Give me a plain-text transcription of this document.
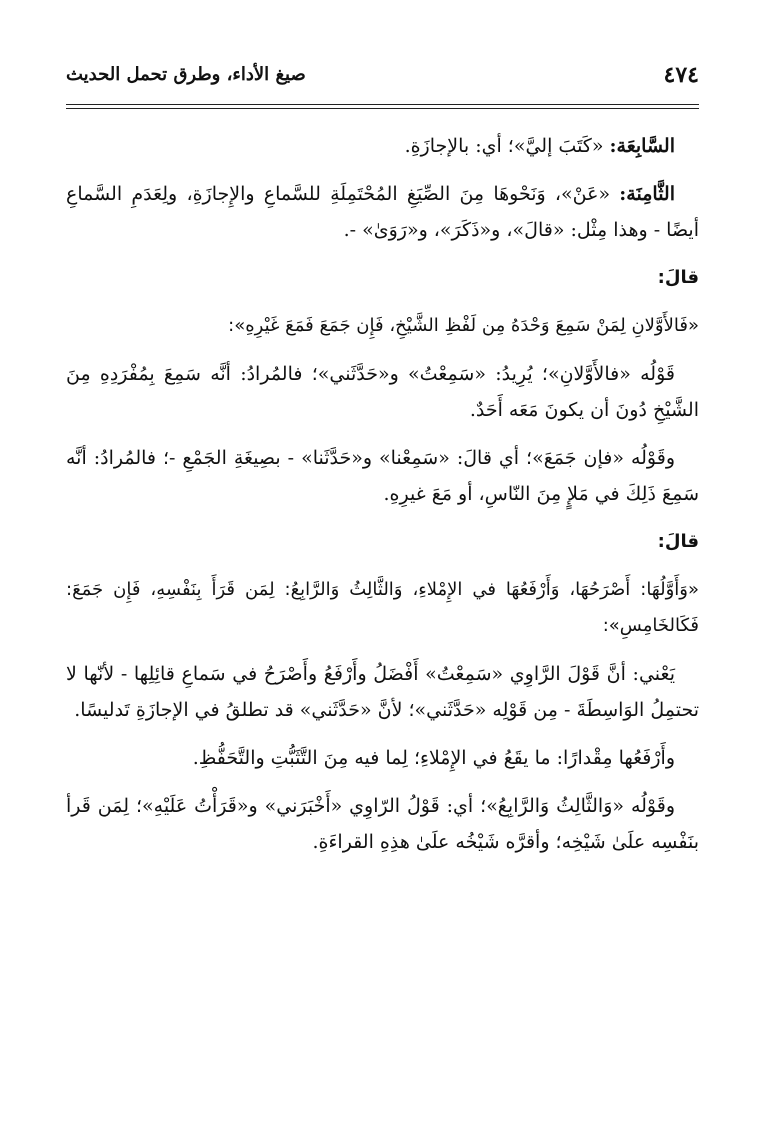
صيغ الأداء، وطرق تحمل الحديث	٤٧٤

السَّابِعَة: «كَتَبَ إليَّ»؛ أي: بالإجازَةِ.

الثَّامِنَة: «عَنْ»، وَنَحْوهَا مِنَ الصِّيَغِ المُحْتَمِلَةِ للسَّماعِ والإِجازَةِ، ولِعَدَمِ السَّماعِ أيضًا - وهذا مِثْل: «قالَ»، و«ذَكَرَ»، و«رَوَىٰ» -.

قالَ:

«فَالأَوَّلانِ لِمَنْ سَمِعَ وَحْدَهُ مِن لَفْظِ الشَّيْخِ، فَإِن جَمَعَ فَمَعَ غَيْرِهِ»:

قَوْلُه «فالأَوَّلانِ»؛ يُرِيدُ: «سَمِعْتُ» و«حَدَّثَني»؛ فالمُرادُ: أنَّه سَمِعَ بِمُفْرَدِهِ مِنَ الشَّيْخِ دُونَ أن يكونَ مَعَه أَحَدٌ.

وقَوْلُه «فإن جَمَعَ»؛ أي قالَ: «سَمِعْنا» و«حَدَّثَنا» - بصِيغَةِ الجَمْعِ -؛ فالمُرادُ: أنَّه سَمِعَ ذَلِكَ في مَلإٍ مِنَ النّاسِ، أو مَعَ غيرِهِ.

قالَ:

«وَأَوَّلُهَا: أَصْرَحُهَا، وَأَرْفَعُهَا في الإِمْلاءِ، وَالثَّالِثُ وَالرَّابِعُ: لِمَن قَرَأَ بِنَفْسِهِ، فَإِن جَمَعَ: فَكَالخَامِسِ»:

يَعْني: أنَّ قَوْلَ الرَّاوِي «سَمِعْتُ» أَفْضَلُ وأَرْفَعُ وأَصْرَحُ في سَماعِ قائِلِها - لأنّها لا تحتمِلُ الوَاسِطَةَ - مِن قَوْلِه «حَدَّثَني»؛ لأنَّ «حَدَّثَني» قد تطلقُ في الإجازَةِ تَدليسًا.

وأَرْفَعُها مِقْدارًا: ما يقَعُ في الإِمْلاءِ؛ لِما فيه مِنَ التَّثَبُّتِ والتَّحَفُّظِ.

وقَوْلُه «وَالثَّالِثُ وَالرَّابِعُ»؛ أي: قَوْلُ الرّاوِي «أَخْبَرَني» و«قَرَأْتُ عَلَيْهِ»؛ لِمَن قَرأ بنَفْسِه علَىٰ شَيْخِه؛ وأقرَّه شَيْخُه علَىٰ هذِهِ القراءَةِ.
